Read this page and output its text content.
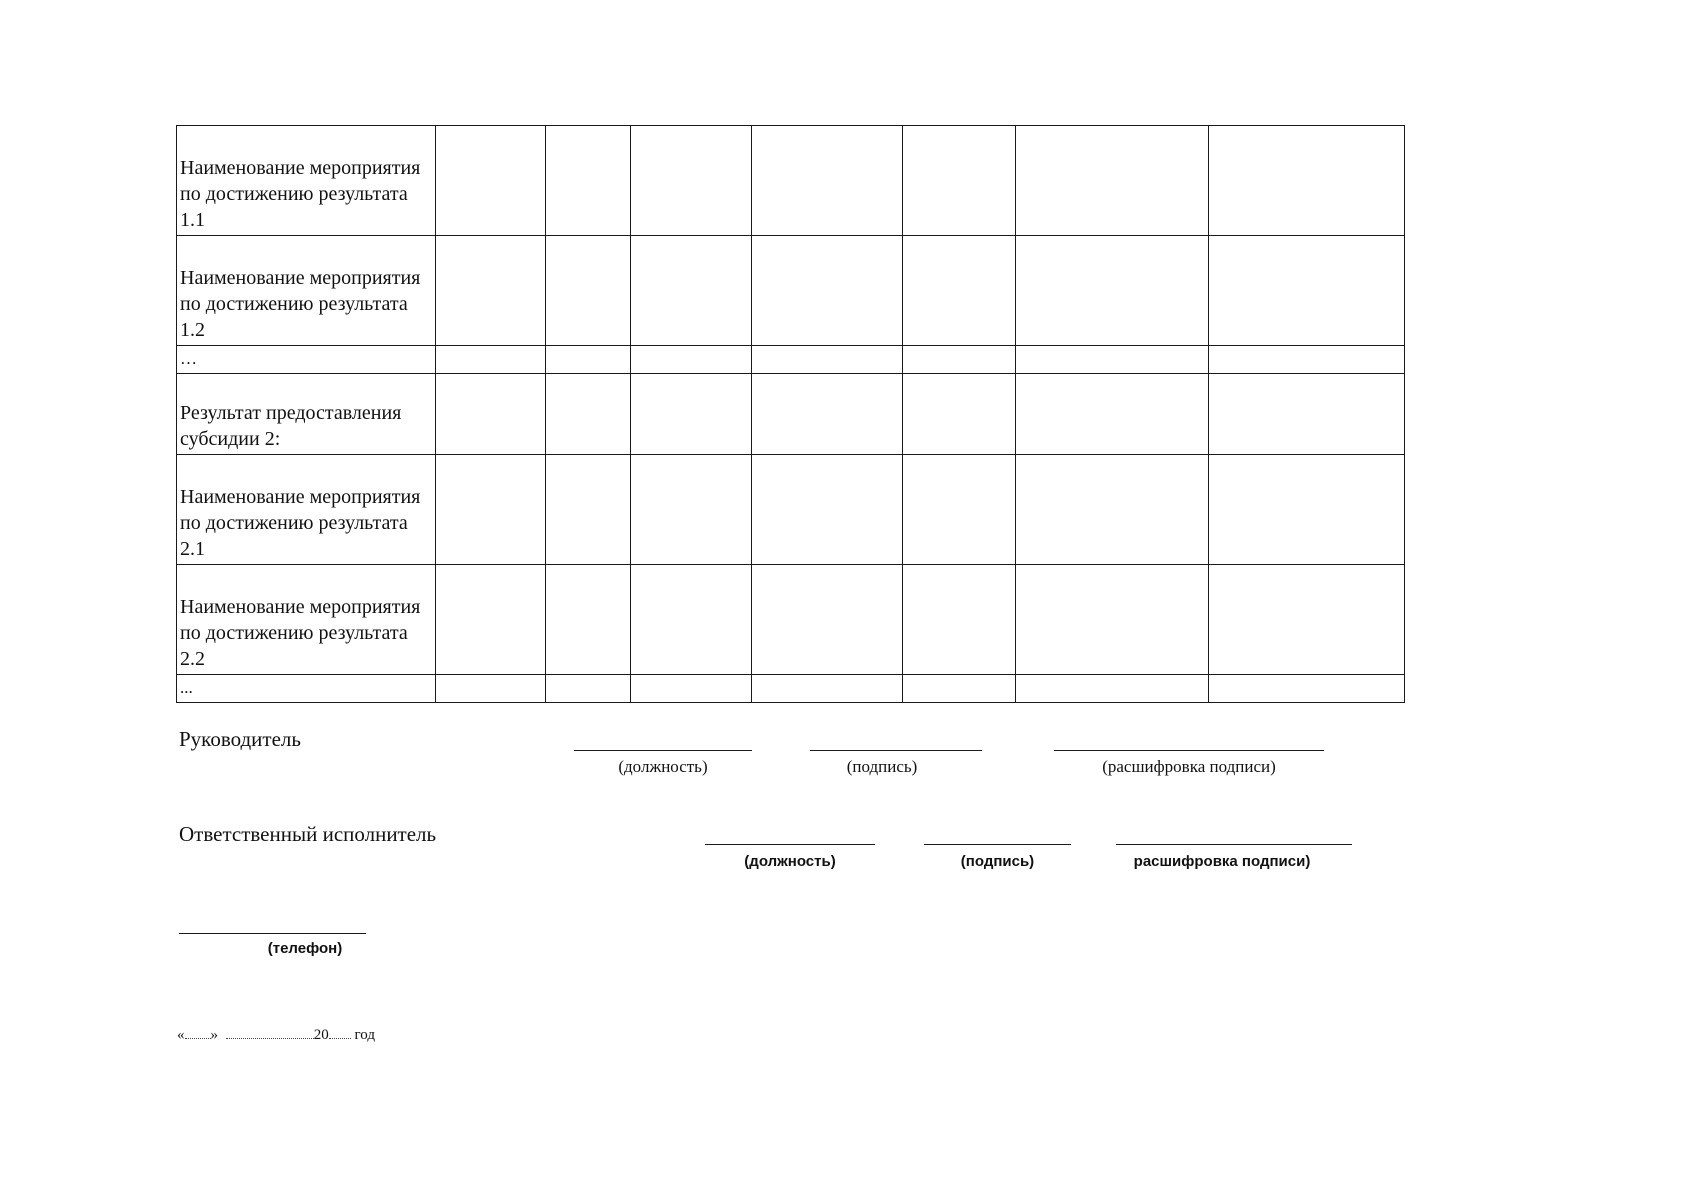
Наименование мероприятия по достижению результата 1.1							
Наименование мероприятия по достижению результата 1.2							
…							
Результат предоставления субсидии 2:							
Наименование мероприятия по достижению результата 2.1							
Наименование мероприятия по достижению результата 2.2							
...							
Руководитель
(должность)	(подпись)	(расшифровка подписи)
Ответственный исполнитель
(должность)	(подпись)	расшифровка подписи)
(телефон)
« »	20 год
